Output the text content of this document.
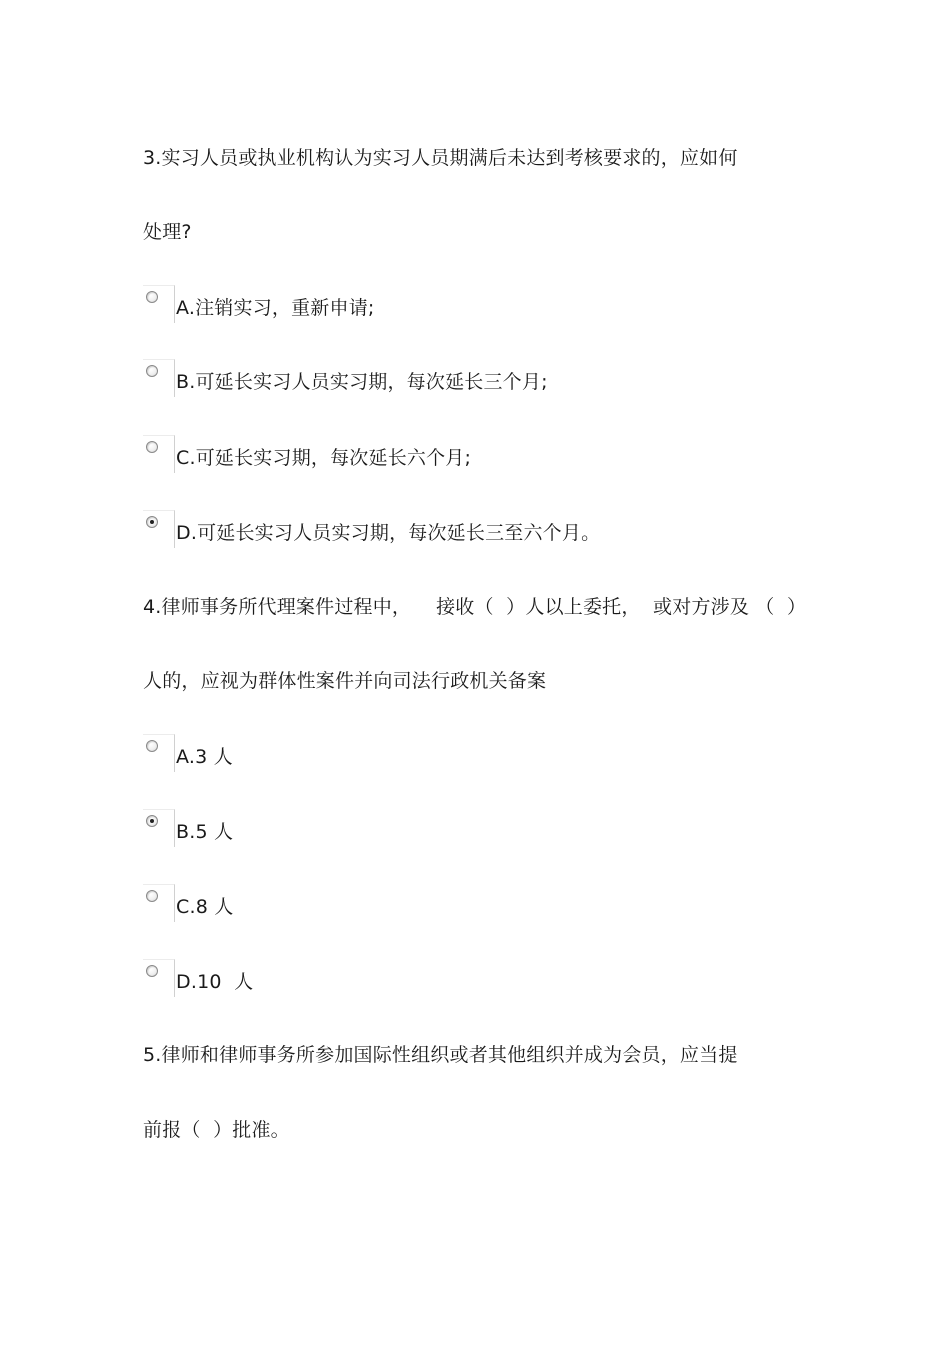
3.实习人员或执业机构认为实习人员期满后未达到考核要求的，应如何
处理?
A.注销实习，重新申请;
B.可延长实习人员实习期，每次延长三个月;
C.可延长实习期，每次延长六个月;
D.可延长实习人员实习期，每次延长三至六个月。
4.律师事务所代理案件过程中，    接收（  ）人以上委托，  或对方涉及 （  ）
人的，应视为群体性案件并向司法行政机关备案
A.3 人
B.5 人
C.8 人
D.10  人
5.律师和律师事务所参加国际性组织或者其他组织并成为会员，应当提
前报（  ）批准。
